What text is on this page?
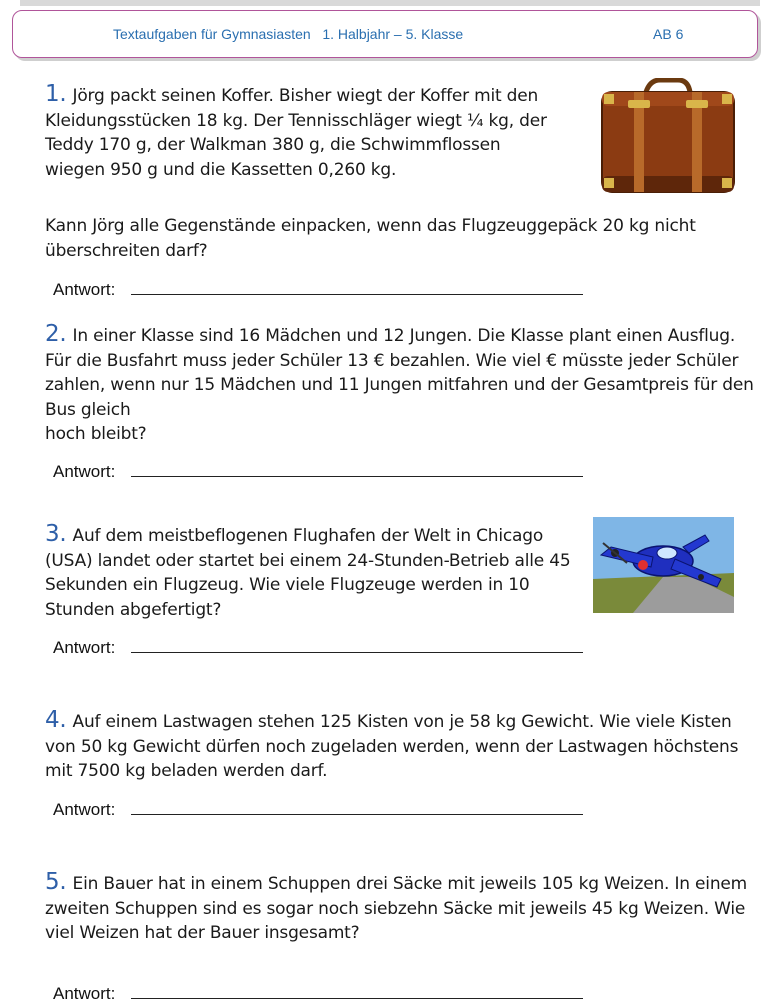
Textaufgaben für Gymnasiasten   1. Halbjahr – 5. Klasse	AB 6

1. Jörg packt seinen Koffer. Bisher wiegt der Koffer mit den Kleidungsstücken 18 kg. Der Tennisschläger wiegt ¼ kg, der Teddy 170 g, der Walkman 380 g, die Schwimmflossen wiegen 950 g und die Kassetten 0,260 kg.

Kann Jörg alle Gegenstände einpacken, wenn das Flugzeuggepäck 20 kg nicht überschreiten darf?

Antwort:

2. In einer Klasse sind 16 Mädchen und 12 Jungen. Die Klasse plant einen Ausflug. Für die Busfahrt muss jeder Schüler 13 € bezahlen. Wie viel € müsste jeder Schüler zahlen, wenn nur 15 Mädchen und 11 Jungen mitfahren und der Gesamtpreis für den Bus gleich

hoch bleibt?

Antwort:

3. Auf dem meistbeflogenen Flughafen der Welt in Chicago (USA) landet oder startet bei einem 24-Stunden-Betrieb alle 45 Sekunden ein Flugzeug. Wie viele Flugzeuge werden in 10 Stunden abgefertigt?

Antwort:

4. Auf einem Lastwagen stehen 125 Kisten von je 58 kg Gewicht. Wie viele Kisten von 50 kg Gewicht dürfen noch zugeladen werden, wenn der Lastwagen höchstens mit 7500 kg beladen werden darf.

Antwort:

5. Ein Bauer hat in einem Schuppen drei Säcke mit jeweils 105 kg Weizen. In einem zweiten Schuppen sind es sogar noch siebzehn Säcke mit jeweils 45 kg Weizen. Wie viel Weizen hat der Bauer insgesamt?

Antwort:
